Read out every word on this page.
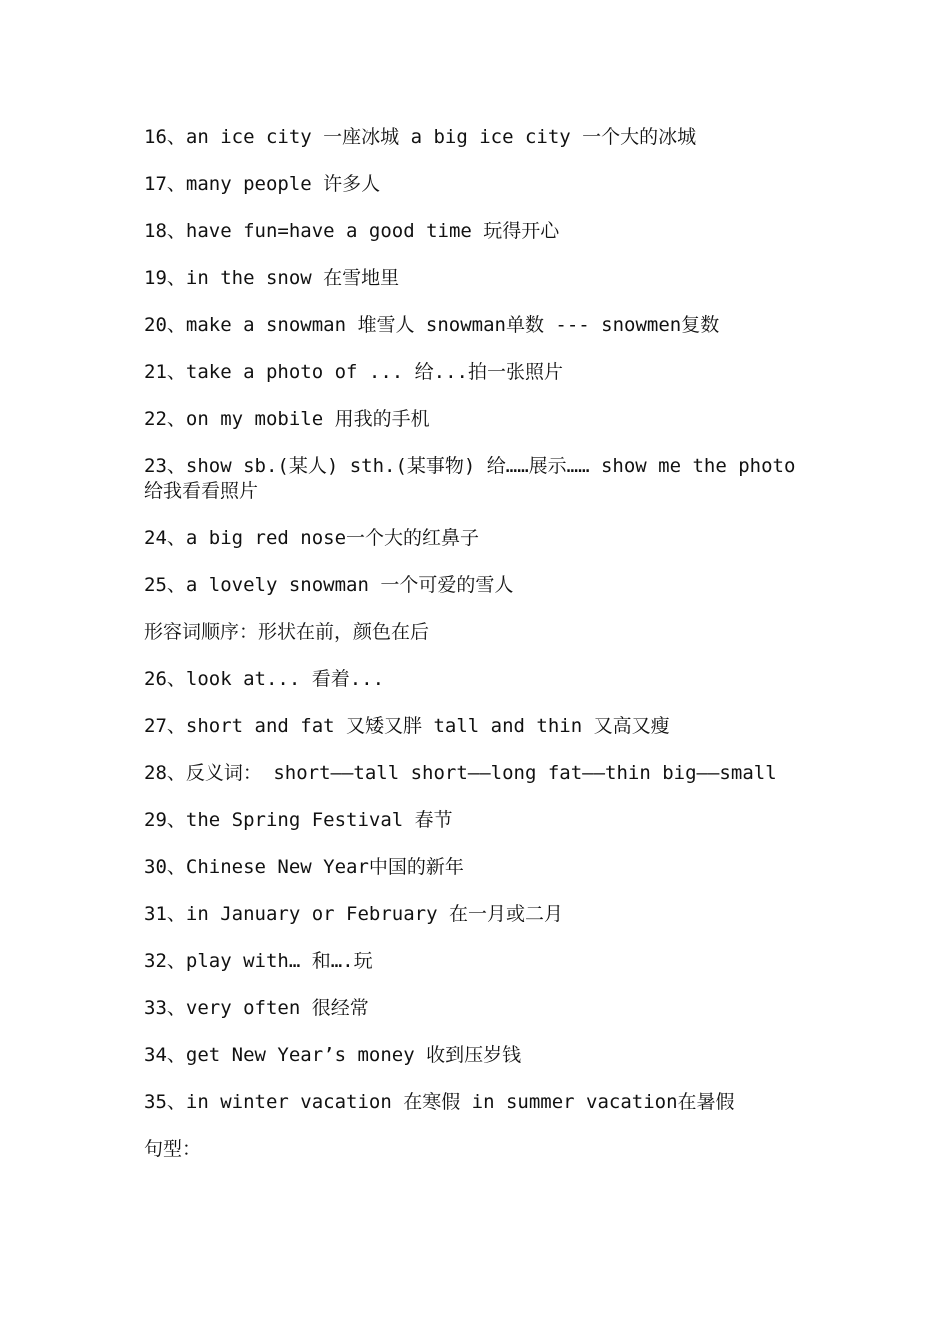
16、an ice city 一座冰城 a big ice city 一个大的冰城

17、many people 许多人

18、have fun=have a good time 玩得开心

19、in the snow 在雪地里

20、make a snowman 堆雪人 snowman单数 --- snowmen复数

21、take a photo of ... 给...拍一张照片

22、on my mobile 用我的手机

23、show sb.(某人) sth.(某事物) 给……展示…… show me the photo 给我看看照片

24、a big red nose一个大的红鼻子

25、a lovely snowman 一个可爱的雪人

形容词顺序：形状在前，颜色在后

26、look at... 看着...

27、short and fat 又矮又胖 tall and thin 又高又瘦

28、反义词： short——tall short——long fat——thin big——small

29、the Spring Festival 春节

30、Chinese New Year中国的新年

31、in January or February 在一月或二月

32、play with… 和….玩

33、very often 很经常

34、get New Year’s money 收到压岁钱

35、in winter vacation 在寒假 in summer vacation在暑假

句型：
